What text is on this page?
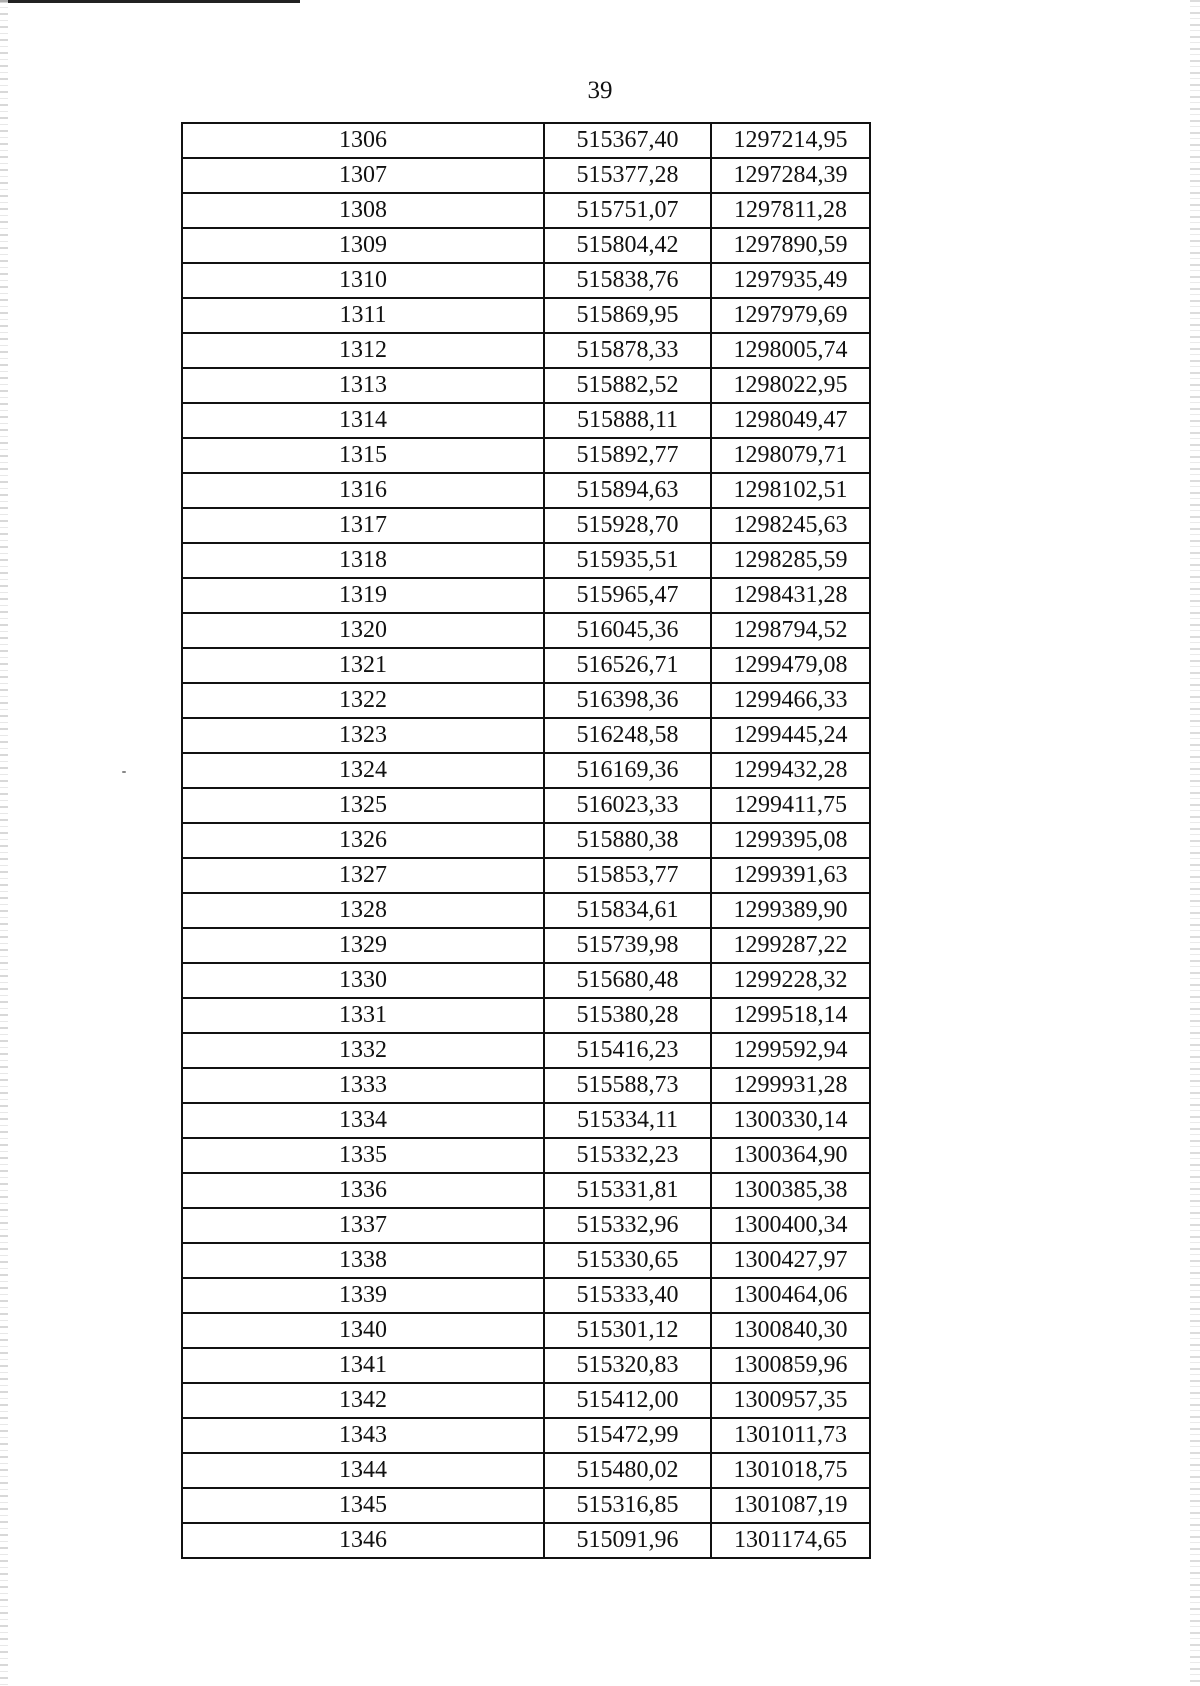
39
1306	515367,40	1297214,95
1307	515377,28	1297284,39
1308	515751,07	1297811,28
1309	515804,42	1297890,59
1310	515838,76	1297935,49
1311	515869,95	1297979,69
1312	515878,33	1298005,74
1313	515882,52	1298022,95
1314	515888,11	1298049,47
1315	515892,77	1298079,71
1316	515894,63	1298102,51
1317	515928,70	1298245,63
1318	515935,51	1298285,59
1319	515965,47	1298431,28
1320	516045,36	1298794,52
1321	516526,71	1299479,08
1322	516398,36	1299466,33
1323	516248,58	1299445,24
1324	516169,36	1299432,28
1325	516023,33	1299411,75
1326	515880,38	1299395,08
1327	515853,77	1299391,63
1328	515834,61	1299389,90
1329	515739,98	1299287,22
1330	515680,48	1299228,32
1331	515380,28	1299518,14
1332	515416,23	1299592,94
1333	515588,73	1299931,28
1334	515334,11	1300330,14
1335	515332,23	1300364,90
1336	515331,81	1300385,38
1337	515332,96	1300400,34
1338	515330,65	1300427,97
1339	515333,40	1300464,06
1340	515301,12	1300840,30
1341	515320,83	1300859,96
1342	515412,00	1300957,35
1343	515472,99	1301011,73
1344	515480,02	1301018,75
1345	515316,85	1301087,19
1346	515091,96	1301174,65
